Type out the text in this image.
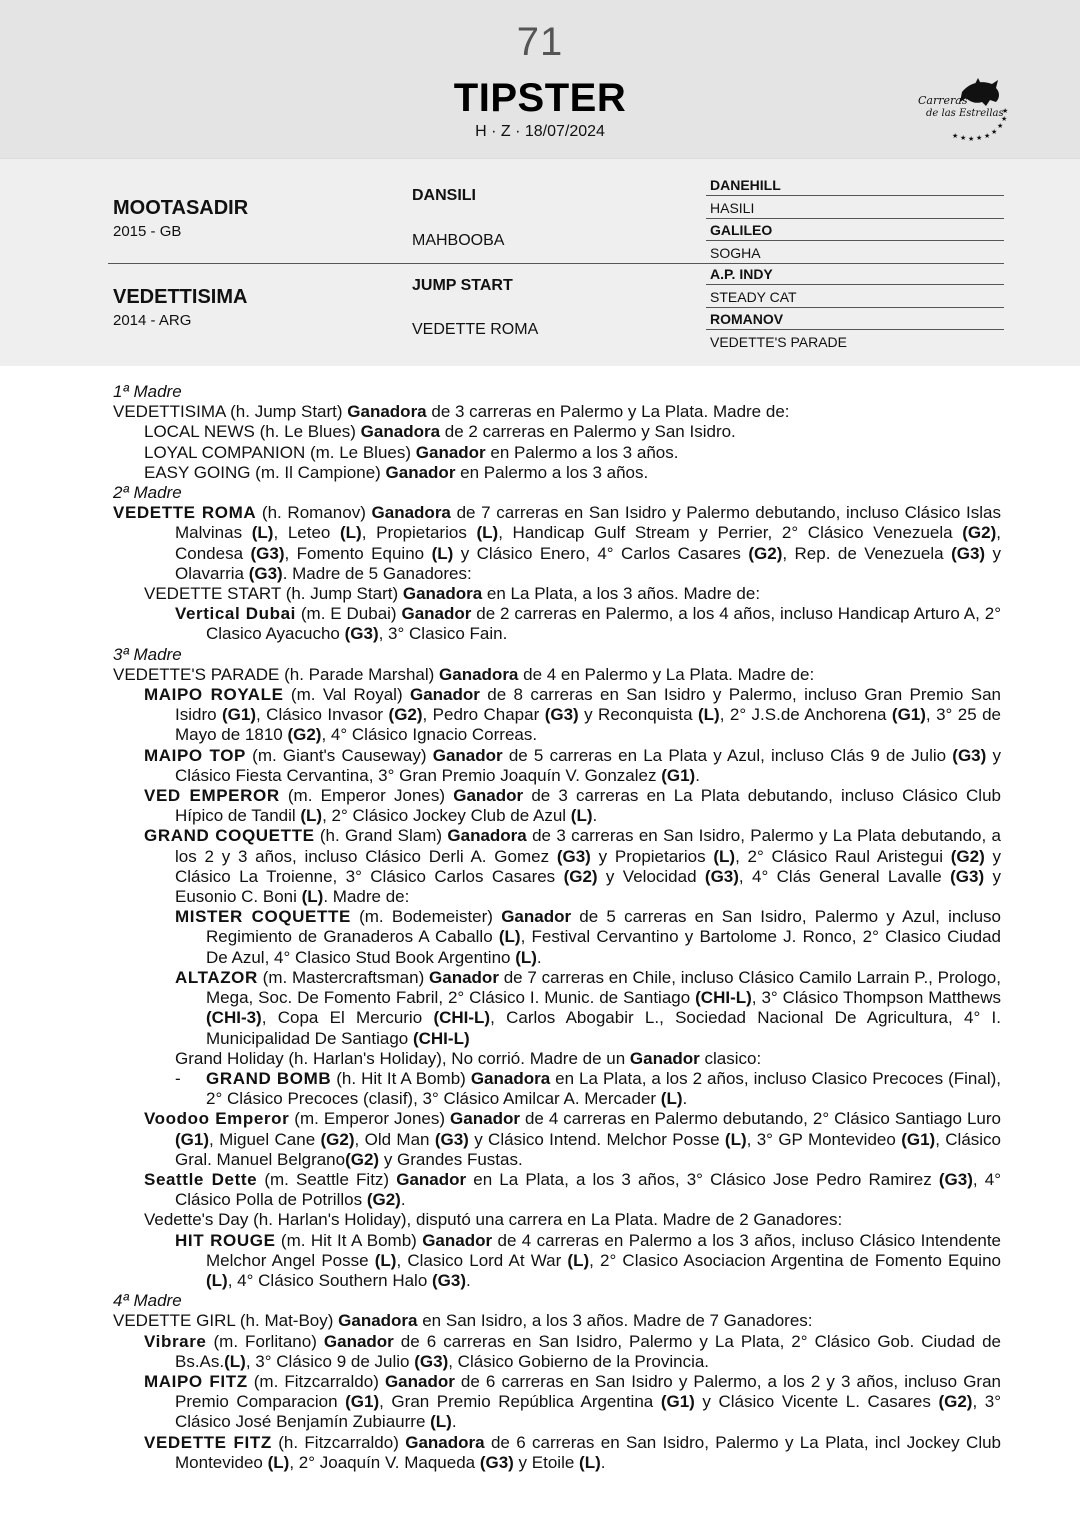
71
TIPSTER
H · Z · 18/07/2024
Carreras
de las Estrellas
★ ★ ★ ★ ★ ★
★
★
★
MOOTASADIR
2015 - GB
VEDETTISIMA
2014 - ARG
DANSILI
MAHBOOBA
JUMP START
VEDETTE ROMA
DANEHILL
HASILI
GALILEO
SOGHA
A.P. INDY
STEADY CAT
ROMANOV
VEDETTE'S PARADE

1ª Madre

VEDETTISIMA (h. Jump Start) Ganadora de 3 carreras en Palermo y La Plata. Madre de:

LOCAL NEWS (h. Le Blues) Ganadora de 2 carreras en Palermo y San Isidro.

LOYAL COMPANION (m. Le Blues) Ganador en Palermo a los 3 años.

EASY GOING (m. Il Campione) Ganador en Palermo a los 3 años.

2ª Madre

VEDETTE ROMA (h. Romanov) Ganadora de 7 carreras en San Isidro y Palermo debutando, incluso Clásico Islas Malvinas (L), Leteo (L), Propietarios (L), Handicap Gulf Stream y Perrier, 2° Clásico Venezuela (G2), Condesa (G3), Fomento Equino (L) y Clásico Enero, 4° Carlos Casares (G2), Rep. de Venezuela (G3) y Olavarria (G3). Madre de 5 Ganadores:

VEDETTE START (h. Jump Start) Ganadora en La Plata, a los 3 años. Madre de:

Vertical Dubai (m. E Dubai) Ganador de 2 carreras en Palermo, a los 4 años, incluso Handicap Arturo A, 2° Clasico Ayacucho (G3), 3° Clasico Fain.

3ª Madre

VEDETTE'S PARADE (h. Parade Marshal) Ganadora de 4 en Palermo y La Plata. Madre de:

MAIPO ROYALE (m. Val Royal) Ganador de 8 carreras en San Isidro y Palermo, incluso Gran Premio San Isidro (G1), Clásico Invasor (G2), Pedro Chapar (G3) y Reconquista (L), 2° J.S.de Anchorena (G1), 3° 25 de Mayo de 1810 (G2), 4° Clásico Ignacio Correas.

MAIPO TOP (m. Giant's Causeway) Ganador de 5 carreras en La Plata y Azul, incluso Clás 9 de Julio (G3) y Clásico Fiesta Cervantina, 3° Gran Premio Joaquín V. Gonzalez (G1).

VED EMPEROR (m. Emperor Jones) Ganador de 3 carreras en La Plata debutando, incluso Clásico Club Hípico de Tandil (L), 2° Clásico Jockey Club de Azul (L).

GRAND COQUETTE (h. Grand Slam) Ganadora de 3 carreras en San Isidro, Palermo y La Plata debutando, a los 2 y 3 años, incluso Clásico Derli A. Gomez (G3) y Propietarios (L), 2° Clásico Raul Aristegui (G2) y Clásico La Troienne, 3° Clásico Carlos Casares (G2) y Velocidad (G3), 4° Clás General Lavalle (G3) y Eusonio C. Boni (L). Madre de:

MISTER COQUETTE (m. Bodemeister) Ganador de 5 carreras en San Isidro, Palermo y Azul, incluso Regimiento de Granaderos A Caballo (L), Festival Cervantino y Bartolome J. Ronco, 2° Clasico Ciudad De Azul, 4° Clasico Stud Book Argentino (L).

ALTAZOR (m. Mastercraftsman) Ganador de 7 carreras en Chile, incluso Clásico Camilo Larrain P., Prologo, Mega, Soc. De Fomento Fabril, 2° Clásico I. Munic. de Santiago (CHI-L), 3° Clásico Thompson Matthews (CHI-3), Copa El Mercurio (CHI-L), Carlos Abogabir L., Sociedad Nacional De Agricultura, 4° I. Municipalidad De Santiago (CHI-L)

Grand Holiday (h. Harlan's Holiday), No corrió. Madre de un Ganador clasico:

- GRAND BOMB (h. Hit It A Bomb) Ganadora en La Plata, a los 2 años, incluso Clasico Precoces (Final), 2° Clásico Precoces (clasif), 3° Clásico Amilcar A. Mercader (L).

Voodoo Emperor (m. Emperor Jones) Ganador de 4 carreras en Palermo debutando, 2° Clásico Santiago Luro (G1), Miguel Cane (G2), Old Man (G3) y Clásico Intend. Melchor Posse (L), 3° GP Montevideo (G1), Clásico Gral. Manuel Belgrano(G2) y Grandes Fustas.

Seattle Dette (m. Seattle Fitz) Ganador en La Plata, a los 3 años, 3° Clásico Jose Pedro Ramirez (G3), 4° Clásico Polla de Potrillos (G2).

Vedette's Day (h. Harlan's Holiday), disputó una carrera en La Plata. Madre de 2 Ganadores:

HIT ROUGE (m. Hit It A Bomb) Ganador de 4 carreras en Palermo a los 3 años, incluso Clásico Intendente Melchor Angel Posse (L), Clasico Lord At War (L), 2° Clasico Asociacion Argentina de Fomento Equino (L), 4° Clásico Southern Halo (G3).

4ª Madre

VEDETTE GIRL (h. Mat-Boy) Ganadora en San Isidro, a los 3 años. Madre de 7 Ganadores:

Vibrare (m. Forlitano) Ganador de 6 carreras en San Isidro, Palermo y La Plata, 2° Clásico Gob. Ciudad de Bs.As.(L), 3° Clásico 9 de Julio (G3), Clásico Gobierno de la Provincia.

MAIPO FITZ (m. Fitzcarraldo) Ganador de 6 carreras en San Isidro y Palermo, a los 2 y 3 años, incluso Gran Premio Comparacion (G1), Gran Premio República Argentina (G1) y Clásico Vicente L. Casares (G2), 3° Clásico José Benjamín Zubiaurre (L).

VEDETTE FITZ (h. Fitzcarraldo) Ganadora de 6 carreras en San Isidro, Palermo y La Plata, incl Jockey Club Montevideo (L), 2° Joaquín V. Maqueda (G3) y Etoile (L).
